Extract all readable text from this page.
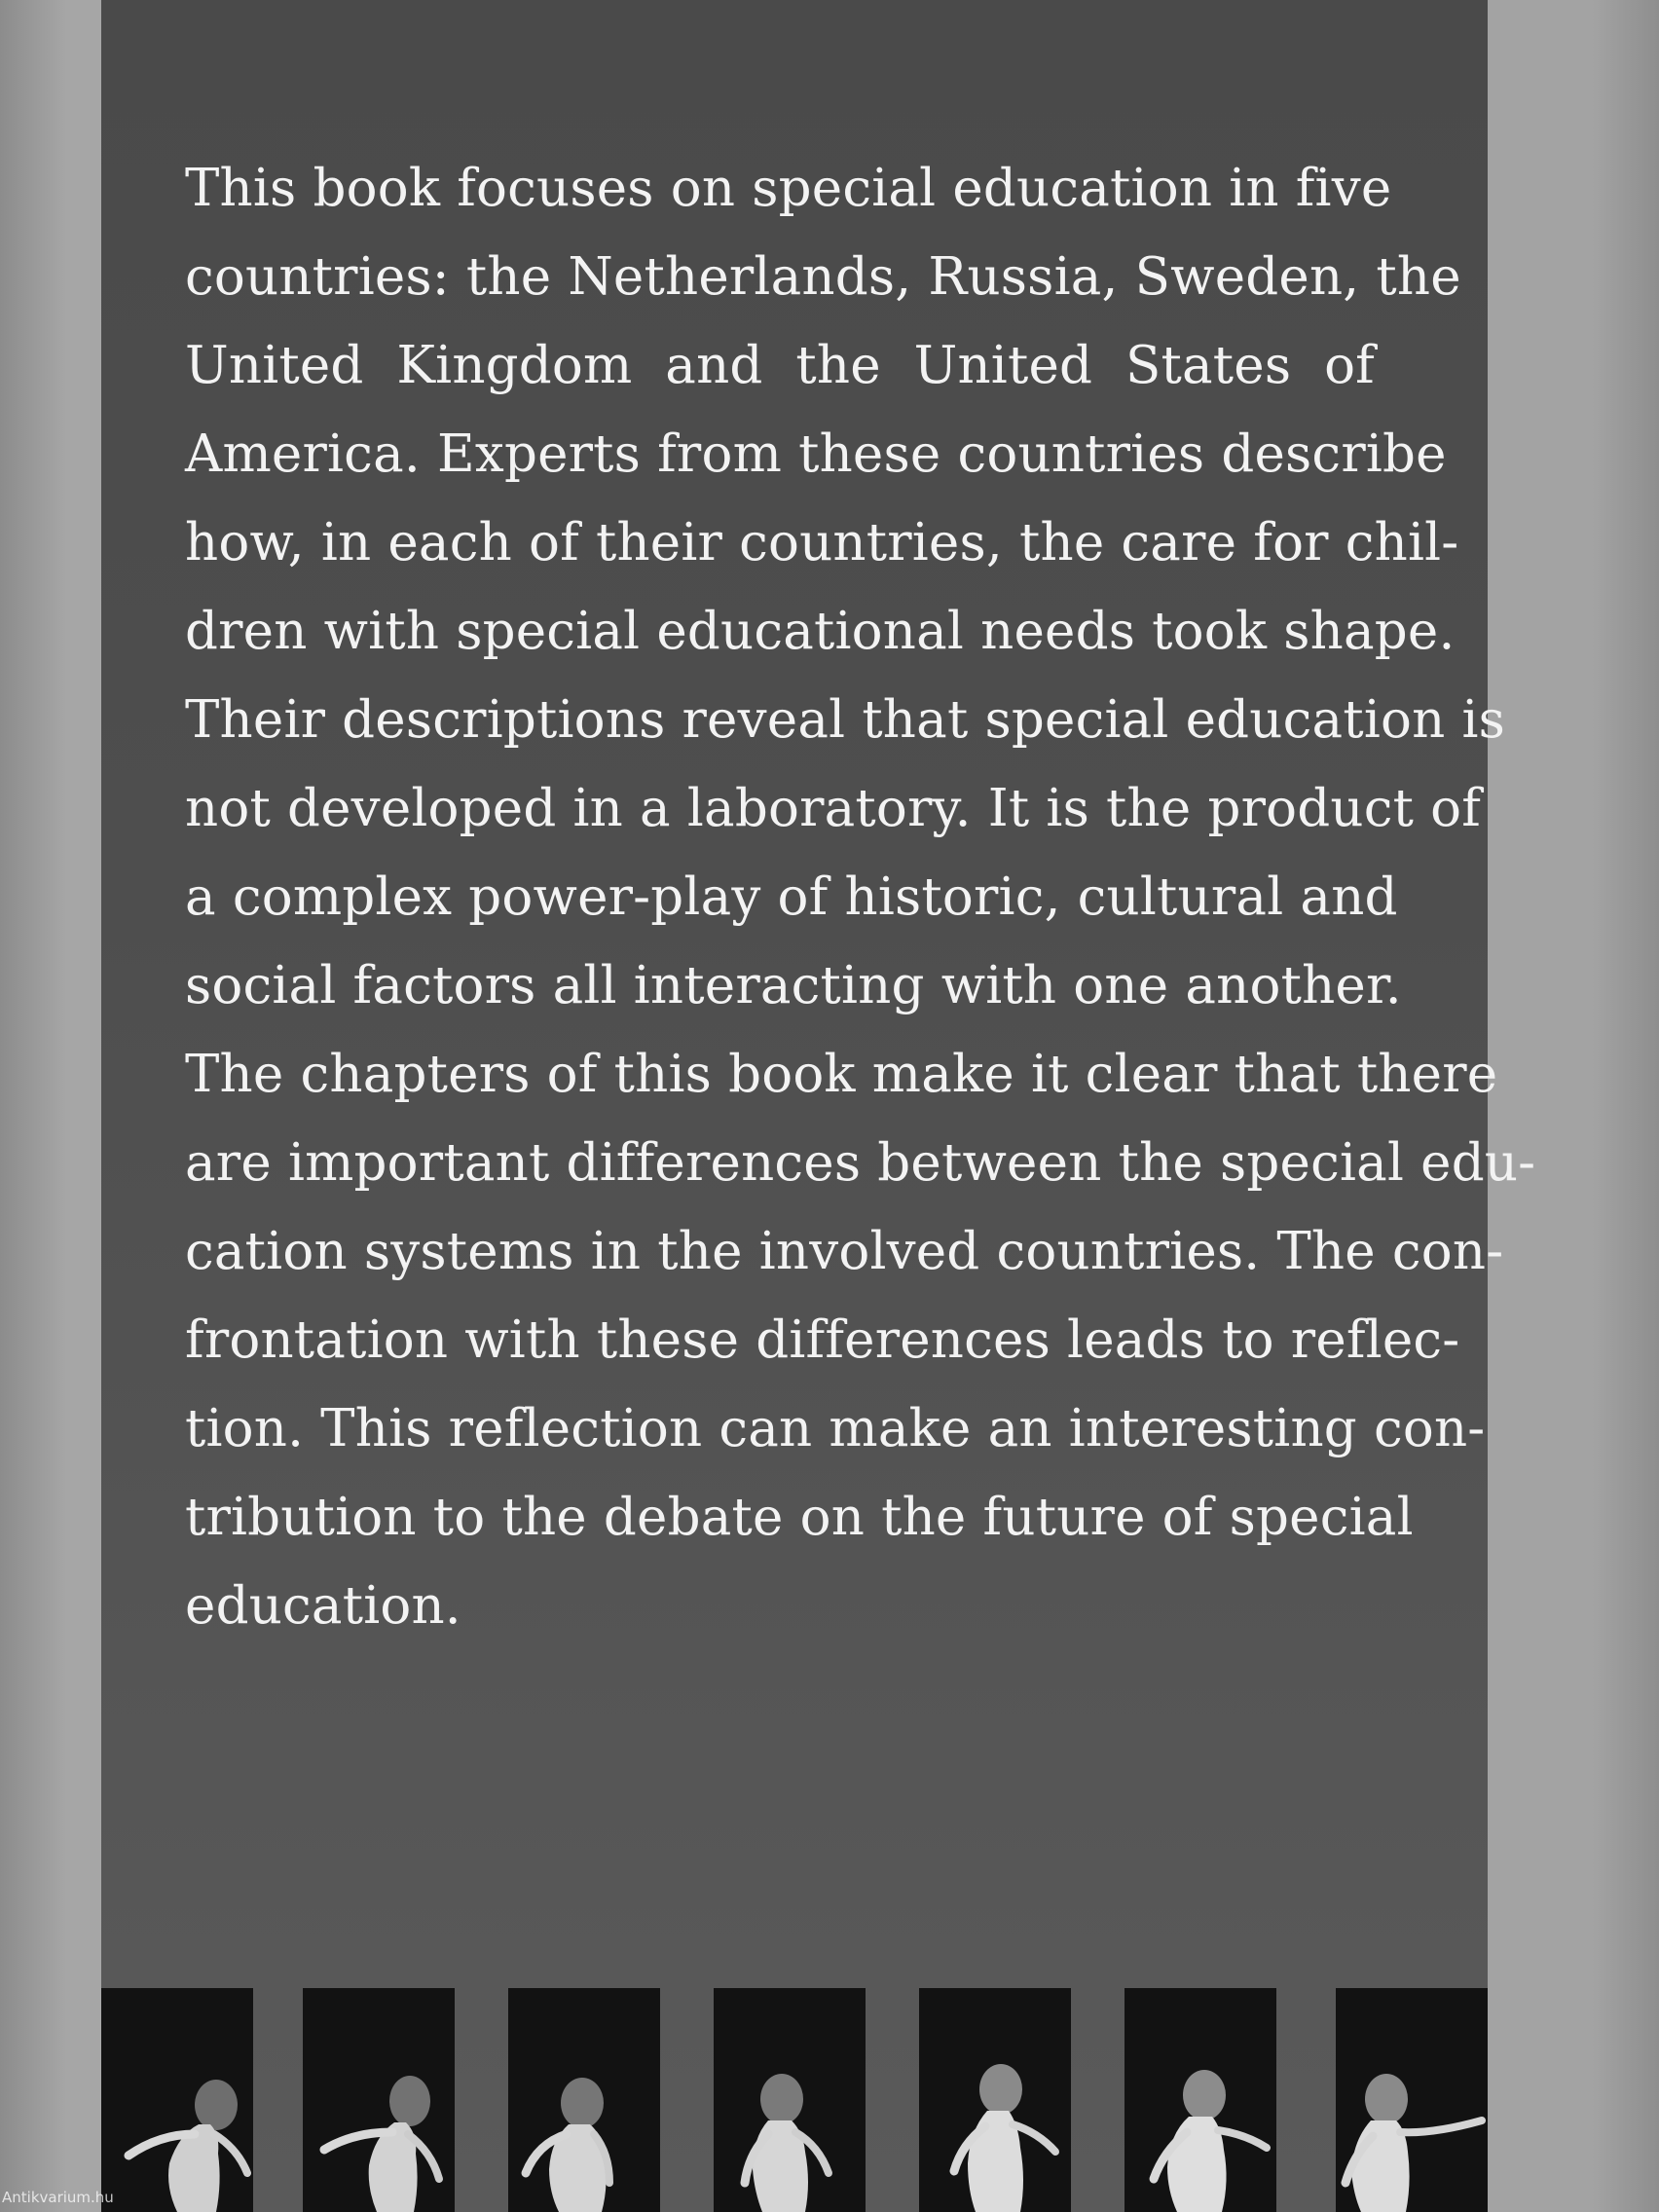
This book focuses on special education in five
countries: the Netherlands, Russia, Sweden, the
United Kingdom and the United States of
America. Experts from these countries describe
how, in each of their countries, the care for chil-
dren with special educational needs took shape.
Their descriptions reveal that special education is
not developed in a laboratory. It is the product of
a complex power-play of historic, cultural and
social factors all interacting with one another.
The chapters of this book make it clear that there
are important differences between the special edu-
cation systems in the involved countries. The con-
frontation with these differences leads to reflec-
tion. This reflection can make an interesting con-
tribution to the debate on the future of special
education.
Antikvarium.hu
